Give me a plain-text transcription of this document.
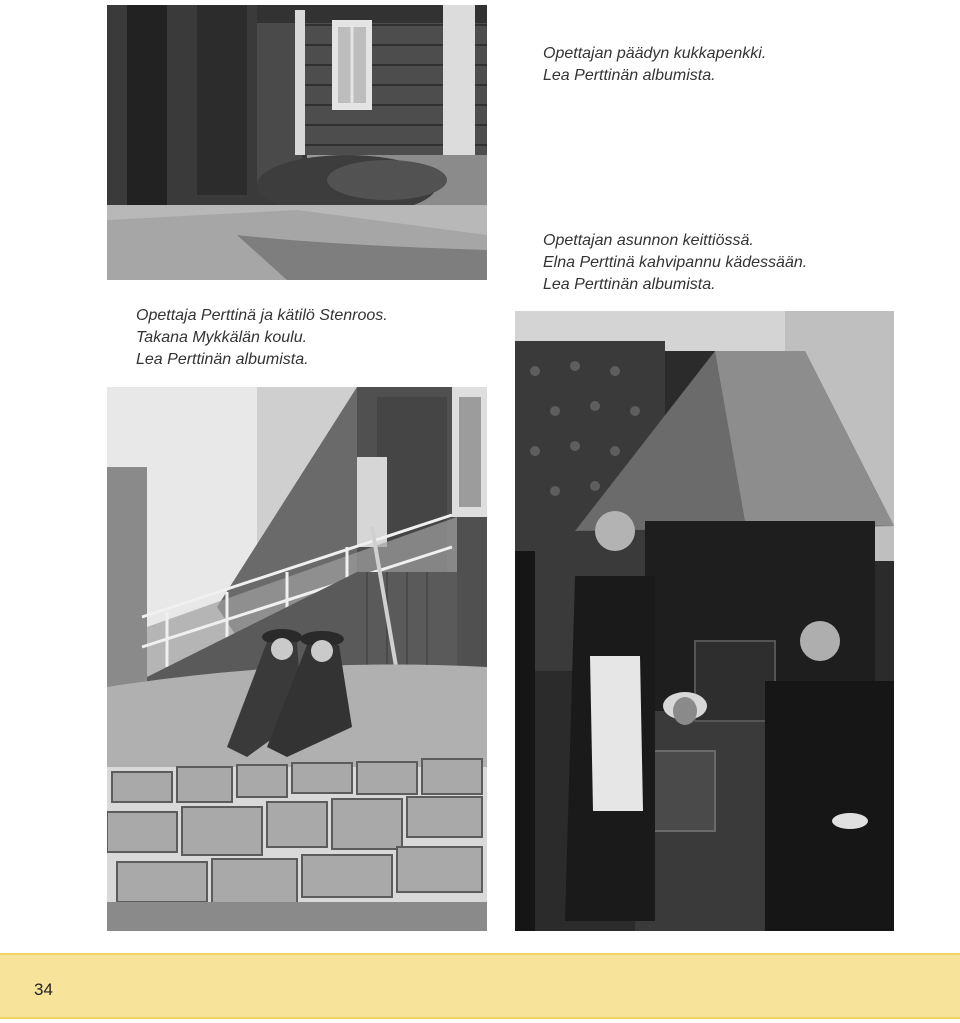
Opettajan päädyn kukkapenkki.
Lea Perttinän albumista.
Opettajan asunnon keittiössä.
Elna Perttinä kahvipannu kädessään.
Lea Perttinän albumista.
Opettaja Perttinä ja kätilö Stenroos.
Takana Mykkälän koulu.
Lea Perttinän albumista.
34
